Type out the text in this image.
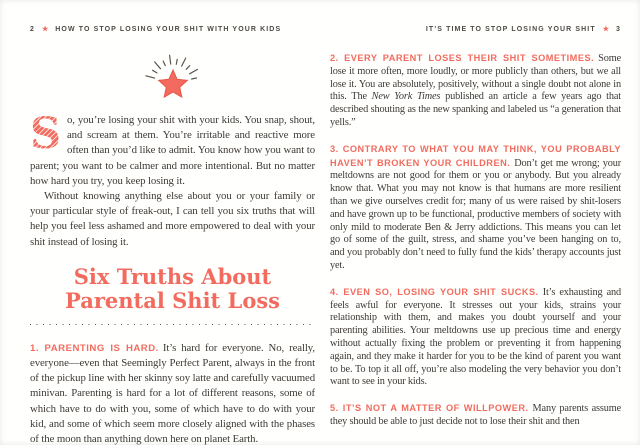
2 ★ HOW TO STOP LOSING YOUR SHIT WITH YOUR KIDS

S o, you’re losing your shit with your kids. You snap, shout, and scream at them. You’re irritable and reactive more often than you’d like to admit. You know how you want to parent; you want to be calmer and more intentional. But no matter how hard you try, you keep losing it.

Without knowing anything else about you or your family or your particular style of freak-out, I can tell you six truths that will help you feel less ashamed and more empowered to deal with your shit instead of losing it.

Six Truths About
Parental Shit Loss

1. PARENTING IS HARD. It’s hard for everyone. No, really, everyone—even that Seemingly Perfect Parent, always in the front of the pickup line with her skinny soy latte and carefully vacuumed minivan. Parenting is hard for a lot of different reasons, some of which have to do with you, some of which have to do with your kid, and some of which seem more closely aligned with the phases of the moon than anything down here on planet Earth.

IT’S TIME TO STOP LOSING YOUR SHIT ★ 3

2. EVERY PARENT LOSES THEIR SHIT SOMETIMES. Some lose it more often, more loudly, or more publicly than others, but we all lose it. You are absolutely, positively, without a single doubt not alone in this. The New York Times published an article a few years ago that described shouting as the new spanking and labeled us “a generation that yells.”

3. CONTRARY TO WHAT YOU MAY THINK, YOU PROBABLY HAVEN’T BROKEN YOUR CHILDREN. Don’t get me wrong; your meltdowns are not good for them or you or anybody. But you already know that. What you may not know is that humans are more resilient than we give ourselves credit for; many of us were raised by shit-losers and have grown up to be functional, productive members of society with only mild to moderate Ben & Jerry addictions. This means you can let go of some of the guilt, stress, and shame you’ve been hanging on to, and you probably don’t need to fully fund the kids’ therapy accounts just yet.

4. EVEN SO, LOSING YOUR SHIT SUCKS. It’s exhausting and feels awful for everyone. It stresses out your kids, strains your relationship with them, and makes you doubt yourself and your parenting abilities. Your meltdowns use up precious time and energy without actually fixing the problem or preventing it from happening again, and they make it harder for you to be the kind of parent you want to be. To top it all off, you’re also modeling the very behavior you don’t want to see in your kids.

5. IT’S NOT A MATTER OF WILLPOWER. Many parents assume they should be able to just decide not to lose their shit and then
